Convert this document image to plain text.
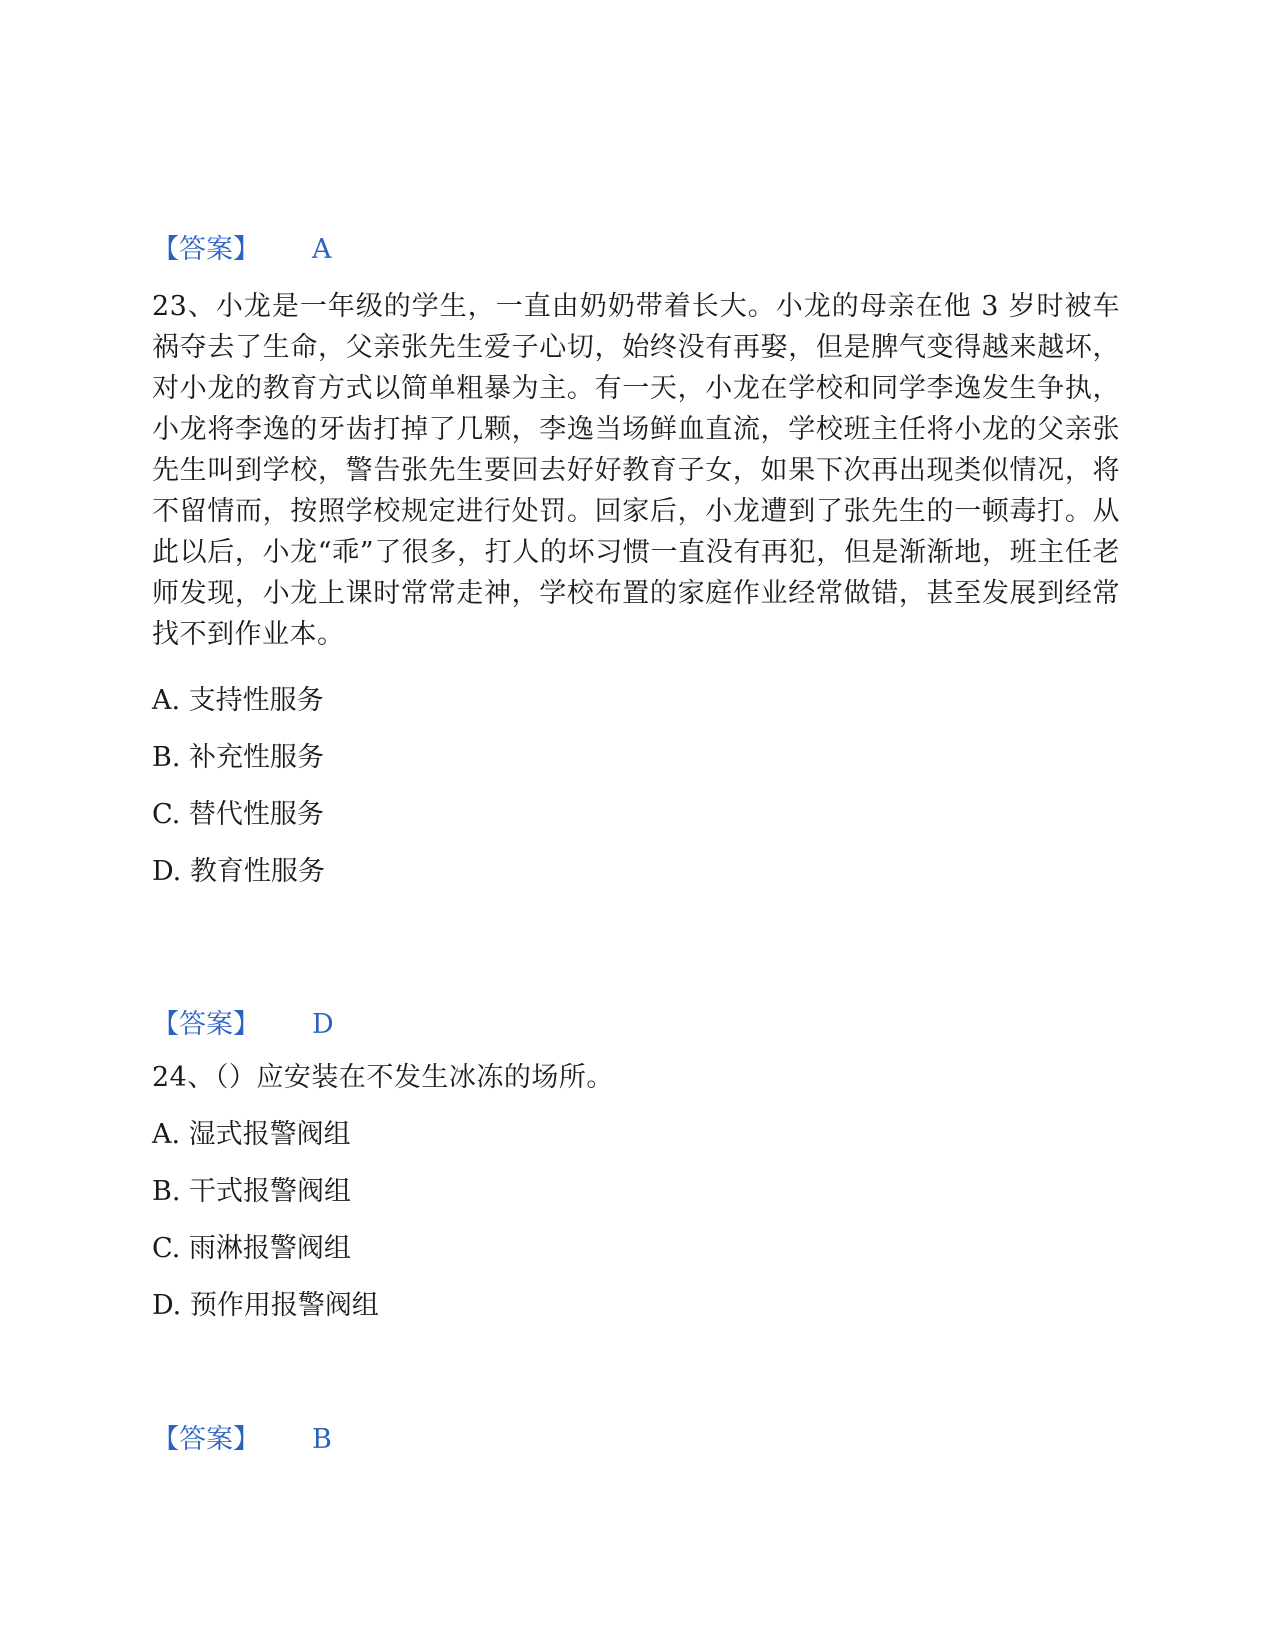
【答案】 A

23、小龙是一年级的学生，一直由奶奶带着长大。小龙的母亲在他 3 岁时被车祸夺去了生命，父亲张先生爱子心切，始终没有再娶，但是脾气变得越来越坏，对小龙的教育方式以简单粗暴为主。有一天，小龙在学校和同学李逸发生争执，小龙将李逸的牙齿打掉了几颗，李逸当场鲜血直流，学校班主任将小龙的父亲张先生叫到学校，警告张先生要回去好好教育子女，如果下次再出现类似情况，将不留情而，按照学校规定进行处罚。回家后，小龙遭到了张先生的一顿毒打。从此以后，小龙“乖”了很多，打人的坏习惯一直没有再犯，但是渐渐地，班主任老师发现，小龙上课时常常走神，学校布置的家庭作业经常做错，甚至发展到经常找不到作业本。

A. 支持性服务

B. 补充性服务

C. 替代性服务

D. 教育性服务

【答案】 D

24、（）应安装在不发生冰冻的场所。

A. 湿式报警阀组

B. 干式报警阀组

C. 雨淋报警阀组

D. 预作用报警阀组

【答案】 B
